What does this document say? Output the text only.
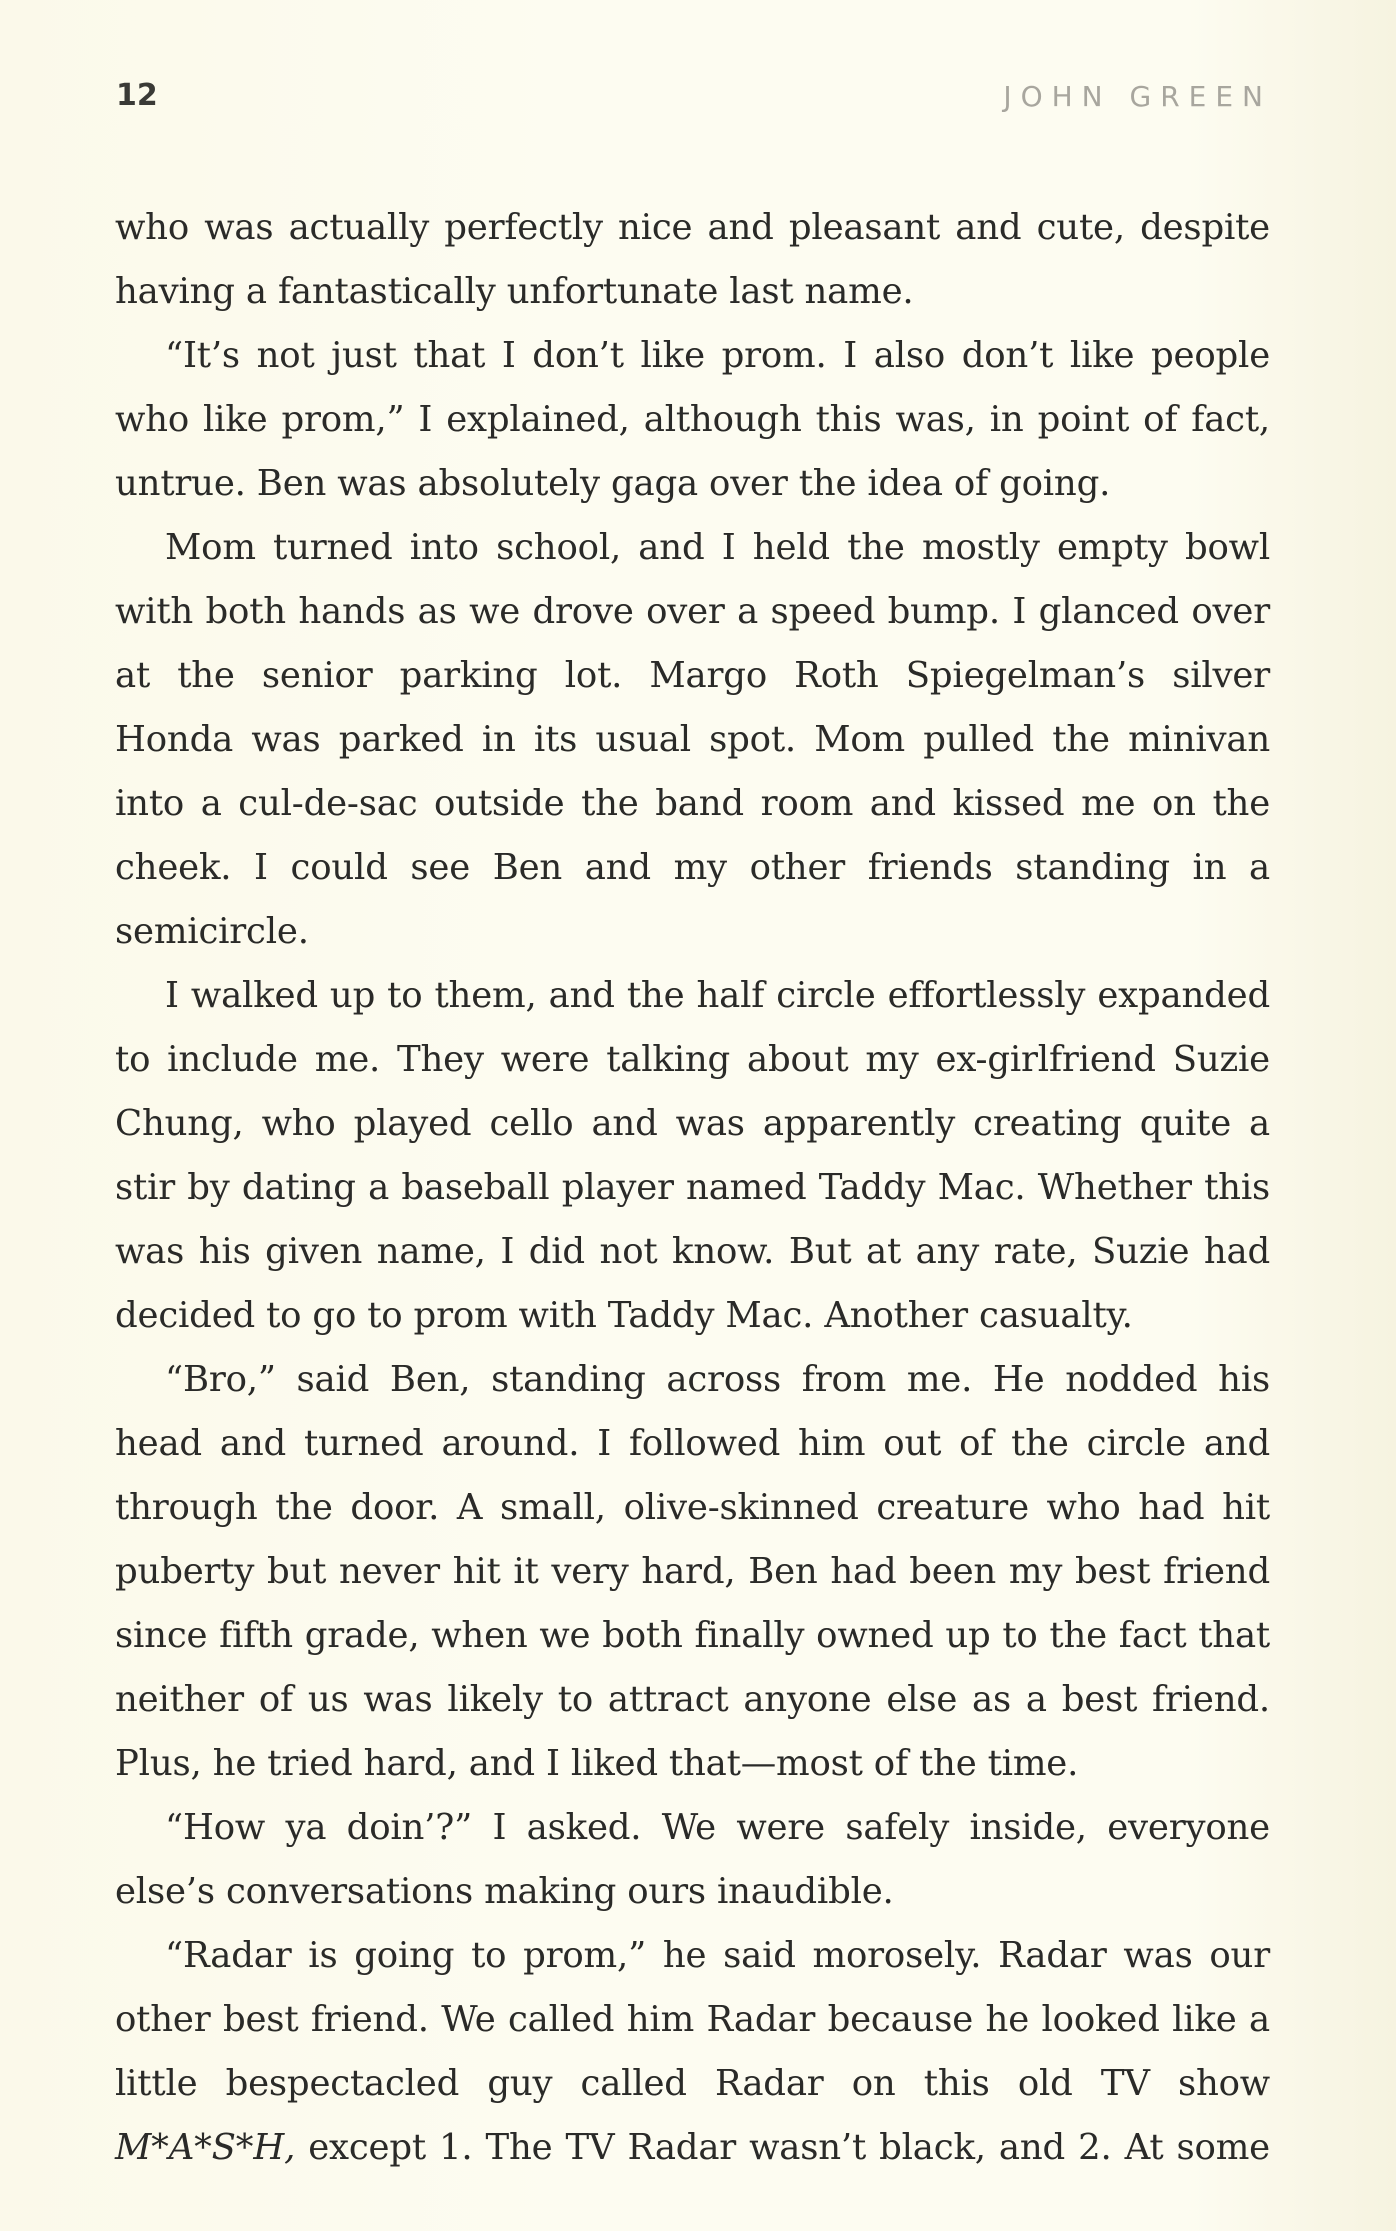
12	JOHN GREEN

who was actually perfectly nice and pleasant and cute, despite having a fantastically unfortunate last name.

“It’s not just that I don’t like prom. I also don’t like people who like prom,” I explained, although this was, in point of fact, untrue. Ben was absolutely gaga over the idea of going.

Mom turned into school, and I held the mostly empty bowl with both hands as we drove over a speed bump. I glanced over at the senior parking lot. Margo Roth Spiegelman’s silver Honda was parked in its usual spot. Mom pulled the minivan into a cul-de-sac outside the band room and kissed me on the cheek. I could see Ben and my other friends standing in a semicircle.

I walked up to them, and the half circle effortlessly expanded to include me. They were talking about my ex-girlfriend Suzie Chung, who played cello and was apparently creating quite a stir by dating a baseball player named Taddy Mac. Whether this was his given name, I did not know. But at any rate, Suzie had decided to go to prom with Taddy Mac. Another casualty.

“Bro,” said Ben, standing across from me. He nodded his head and turned around. I followed him out of the circle and through the door. A small, olive-skinned creature who had hit puberty but never hit it very hard, Ben had been my best friend since fifth grade, when we both finally owned up to the fact that neither of us was likely to attract anyone else as a best friend. Plus, he tried hard, and I liked that—most of the time.

“How ya doin’?” I asked. We were safely inside, everyone else’s conversations making ours inaudible.

“Radar is going to prom,” he said morosely. Radar was our other best friend. We called him Radar because he looked like a little bespectacled guy called Radar on this old TV show M*A*S*H, except 1. The TV Radar wasn’t black, and 2. At some
